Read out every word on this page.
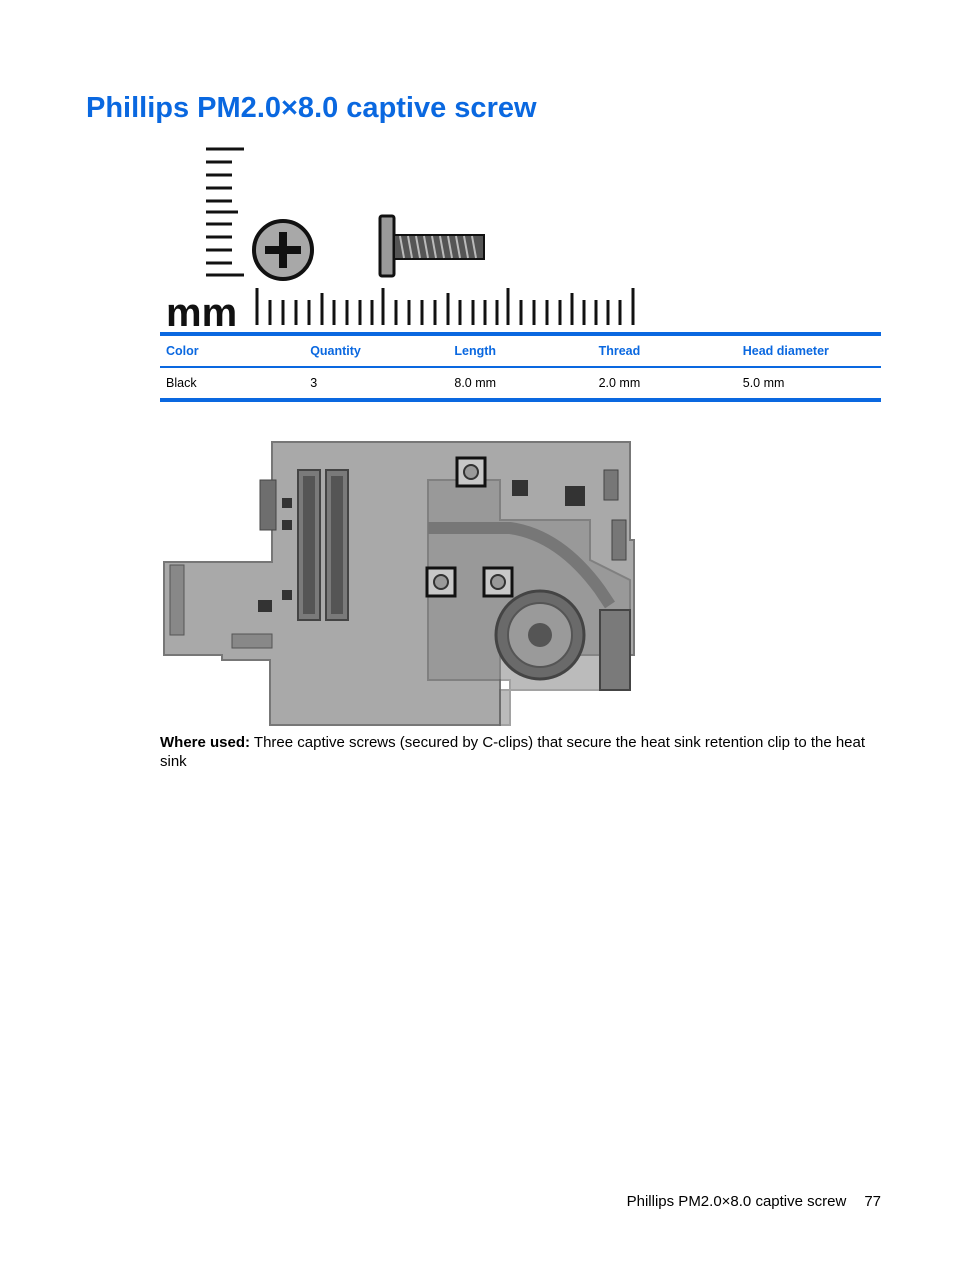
Phillips PM2.0×8.0 captive screw
mm
Color	Quantity	Length	Thread	Head diameter
Black	3	8.0 mm	2.0 mm	5.0 mm

Where used: Three captive screws (secured by C-clips) that secure the heat sink retention clip to the heat sink

Phillips PM2.0×8.0 captive screw 77
